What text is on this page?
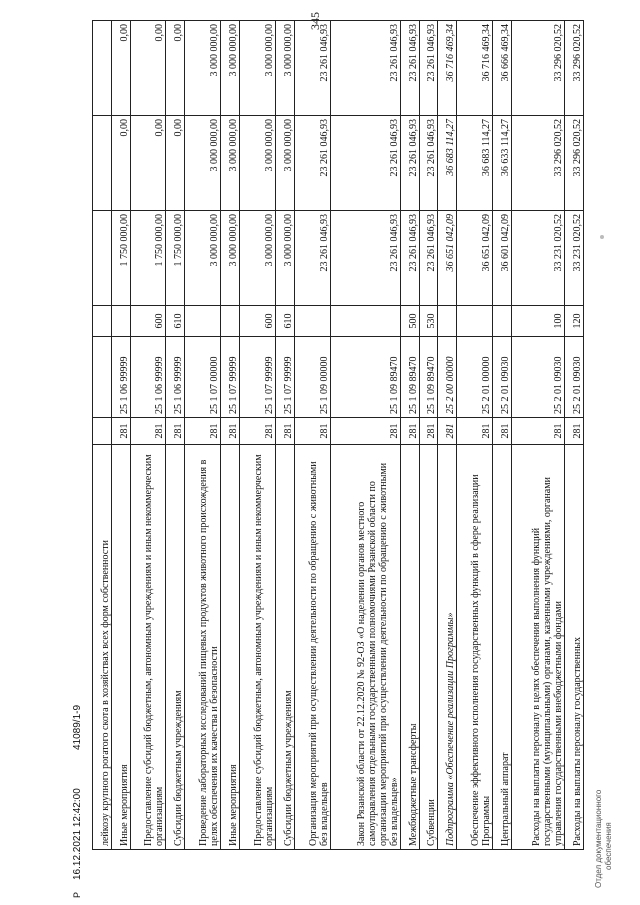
345
лейкозу крупного рогатого скота в хозяйствах всех форм собственности						
Иные мероприятия	281	25 1 06 99999		1 750 000,00	0,00	0,00
Предоставление субсидий бюджетным, автономным учреждениям и иным некоммерческим организациям	281	25 1 06 99999	600	1 750 000,00	0,00	0,00
Субсидии бюджетным учреждениям	281	25 1 06 99999	610	1 750 000,00	0,00	0,00
Проведение лабораторных исследований пищевых продуктов животного происхождения в целях обеспечения их качества и безопасности	281	25 1 07 00000		3 000 000,00	3 000 000,00	3 000 000,00
Иные мероприятия	281	25 1 07 99999		3 000 000,00	3 000 000,00	3 000 000,00
Предоставление субсидий бюджетным, автономным учреждениям и иным некоммерческим организациям	281	25 1 07 99999	600	3 000 000,00	3 000 000,00	3 000 000,00
Субсидии бюджетным учреждениям	281	25 1 07 99999	610	3 000 000,00	3 000 000,00	3 000 000,00
Организация мероприятий при осуществлении деятельности по обращению с животными без владельцев	281	25 1 09 00000		23 261 046,93	23 261 046,93	23 261 046,93
Закон Рязанской области от 22.12.2020 № 92-ОЗ «О наделении органов местного самоуправления отдельными государственными полномочиями Рязанской области по организации мероприятий при осуществлении деятельности по обращению с животными без владельцев»	281	25 1 09 89470		23 261 046,93	23 261 046,93	23 261 046,93
Межбюджетные трансферты	281	25 1 09 89470	500	23 261 046,93	23 261 046,93	23 261 046,93
Субвенции	281	25 1 09 89470	530	23 261 046,93	23 261 046,93	23 261 046,93
Подпрограмма «Обеспечение реализации Программы»	281	25 2 00 00000		36 651 042,09	36 683 114,27	36 716 469,34
Обеспечение эффективного исполнения государственных функций в сфере реализации Программы	281	25 2 01 00000		36 651 042,09	36 683 114,27	36 716 469,34
Центральный аппарат	281	25 2 01 09030		36 601 042,09	36 633 114,27	36 666 469,34
Расходы на выплаты персоналу в целях обеспечения выполнения функций государственными (муниципальными) органами, казенными учреждениями, органами управления государственными внебюджетными фондами	281	25 2 01 09030	100	33 231 020,52	33 296 020,52	33 296 020,52
Расходы на выплаты персоналу государственных	281	25 2 01 09030	120	33 231 020,52	33 296 020,52	33 296 020,52
Р
16.12.2021 12:42:00
41089/1-9
Отдел документационного обеспечения
